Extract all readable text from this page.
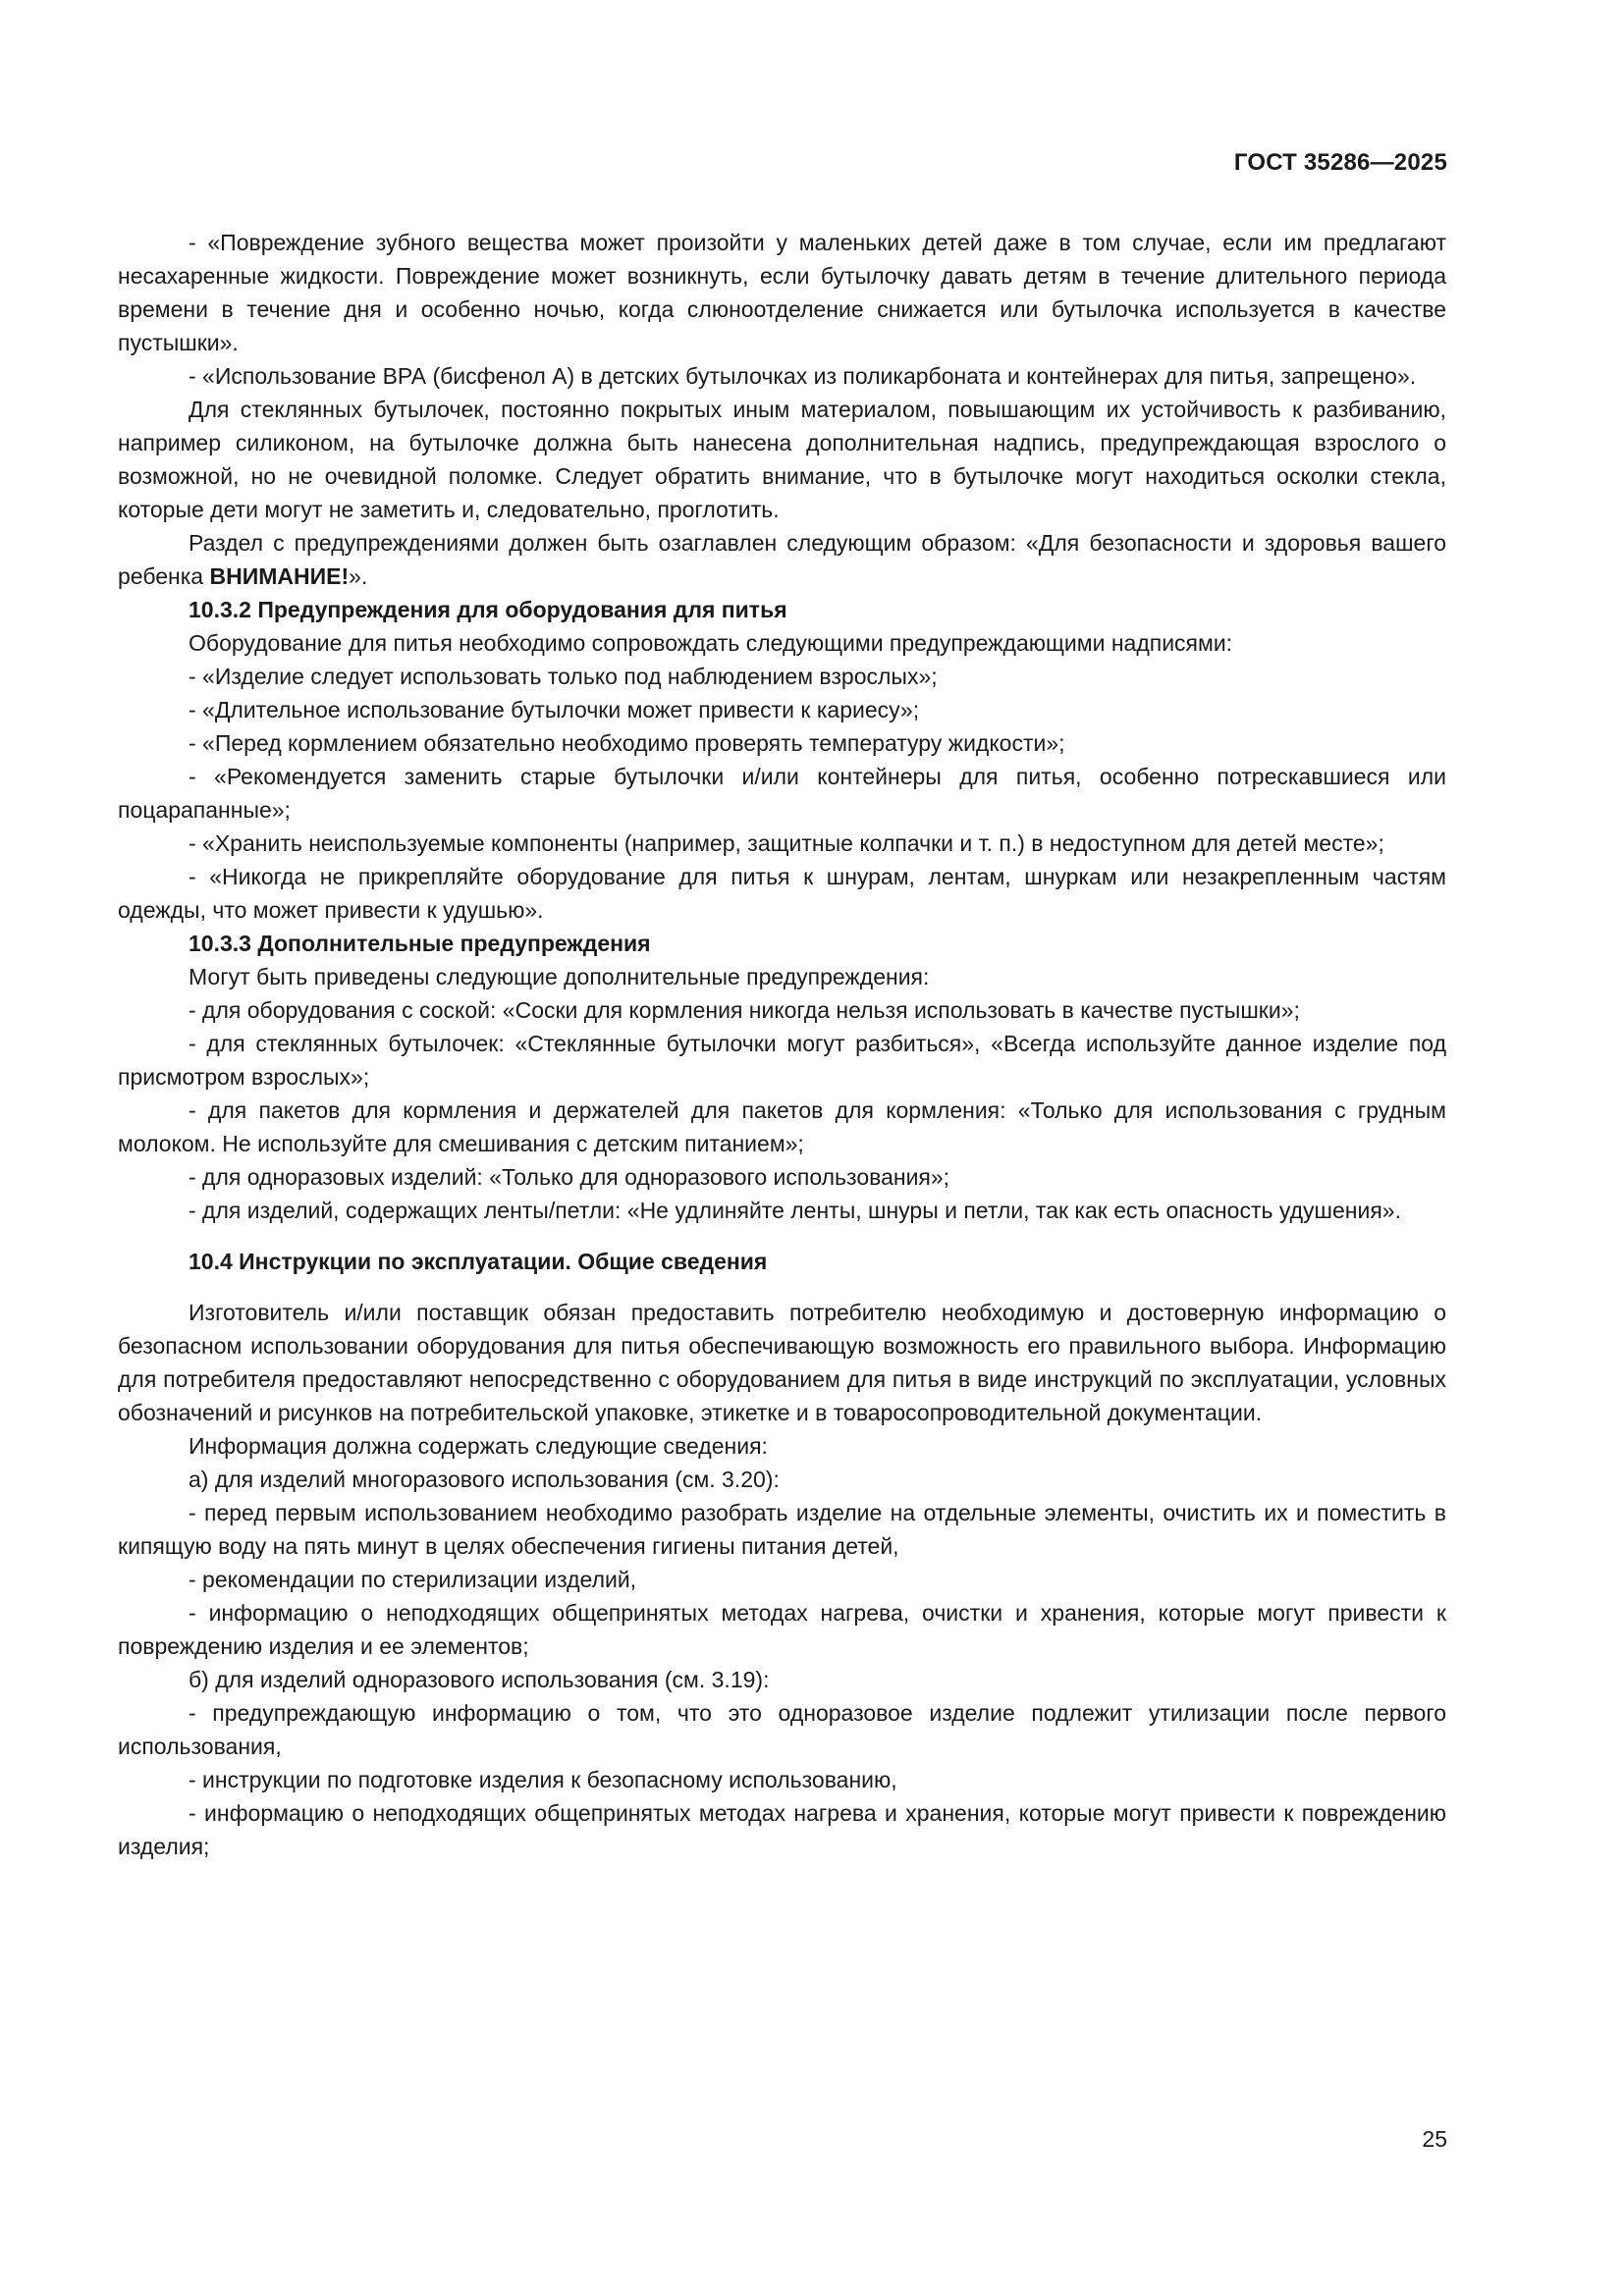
ГОСТ 35286—2025

- «Повреждение зубного вещества может произойти у маленьких детей даже в том случае, если им предлагают несахаренные жидкости. Повреждение может возникнуть, если бутылочку давать детям в течение длительного периода времени в течение дня и особенно ночью, когда слюноотделение снижается или бутылочка используется в качестве пустышки».

- «Использование ВРА (бисфенол А) в детских бутылочках из поликарбоната и контейнерах для питья, запрещено».

Для стеклянных бутылочек, постоянно покрытых иным материалом, повышающим их устойчивость к разбиванию, например силиконом, на бутылочке должна быть нанесена дополнительная надпись, предупреждающая взрослого о возможной, но не очевидной поломке. Следует обратить внимание, что в бутылочке могут находиться осколки стекла, которые дети могут не заметить и, следовательно, проглотить.

Раздел с предупреждениями должен быть озаглавлен следующим образом: «Для безопасности и здоровья вашего ребенка ВНИМАНИЕ!».

10.3.2 Предупреждения для оборудования для питья

Оборудование для питья необходимо сопровождать следующими предупреждающими надписями:

- «Изделие следует использовать только под наблюдением взрослых»;

- «Длительное использование бутылочки может привести к кариесу»;

- «Перед кормлением обязательно необходимо проверять температуру жидкости»;

- «Рекомендуется заменить старые бутылочки и/или контейнеры для питья, особенно потрескавшиеся или поцарапанные»;

- «Хранить неиспользуемые компоненты (например, защитные колпачки и т. п.) в недоступном для детей месте»;

- «Никогда не прикрепляйте оборудование для питья к шнурам, лентам, шнуркам или незакрепленным частям одежды, что может привести к удушью».

10.3.3 Дополнительные предупреждения

Могут быть приведены следующие дополнительные предупреждения:

- для оборудования с соской: «Соски для кормления никогда нельзя использовать в качестве пустышки»;

- для стеклянных бутылочек: «Стеклянные бутылочки могут разбиться», «Всегда используйте данное изделие под присмотром взрослых»;

- для пакетов для кормления и держателей для пакетов для кормления: «Только для использования с грудным молоком. Не используйте для смешивания с детским питанием»;

- для одноразовых изделий: «Только для одноразового использования»;

- для изделий, содержащих ленты/петли: «Не удлиняйте ленты, шнуры и петли, так как есть опасность удушения».

10.4 Инструкции по эксплуатации. Общие сведения

Изготовитель и/или поставщик обязан предоставить потребителю необходимую и достоверную информацию о безопасном использовании оборудования для питья обеспечивающую возможность его правильного выбора. Информацию для потребителя предоставляют непосредственно с оборудованием для питья в виде инструкций по эксплуатации, условных обозначений и рисунков на потребительской упаковке, этикетке и в товаросопроводительной документации.

Информация должна содержать следующие сведения:

а) для изделий многоразового использования (см. 3.20):

- перед первым использованием необходимо разобрать изделие на отдельные элементы, очистить их и поместить в кипящую воду на пять минут в целях обеспечения гигиены питания детей,

- рекомендации по стерилизации изделий,

- информацию о неподходящих общепринятых методах нагрева, очистки и хранения, которые могут привести к повреждению изделия и ее элементов;

б) для изделий одноразового использования (см. 3.19):

- предупреждающую информацию о том, что это одноразовое изделие подлежит утилизации после первого использования,

- инструкции по подготовке изделия к безопасному использованию,

- информацию о неподходящих общепринятых методах нагрева и хранения, которые могут привести к повреждению изделия;

25
